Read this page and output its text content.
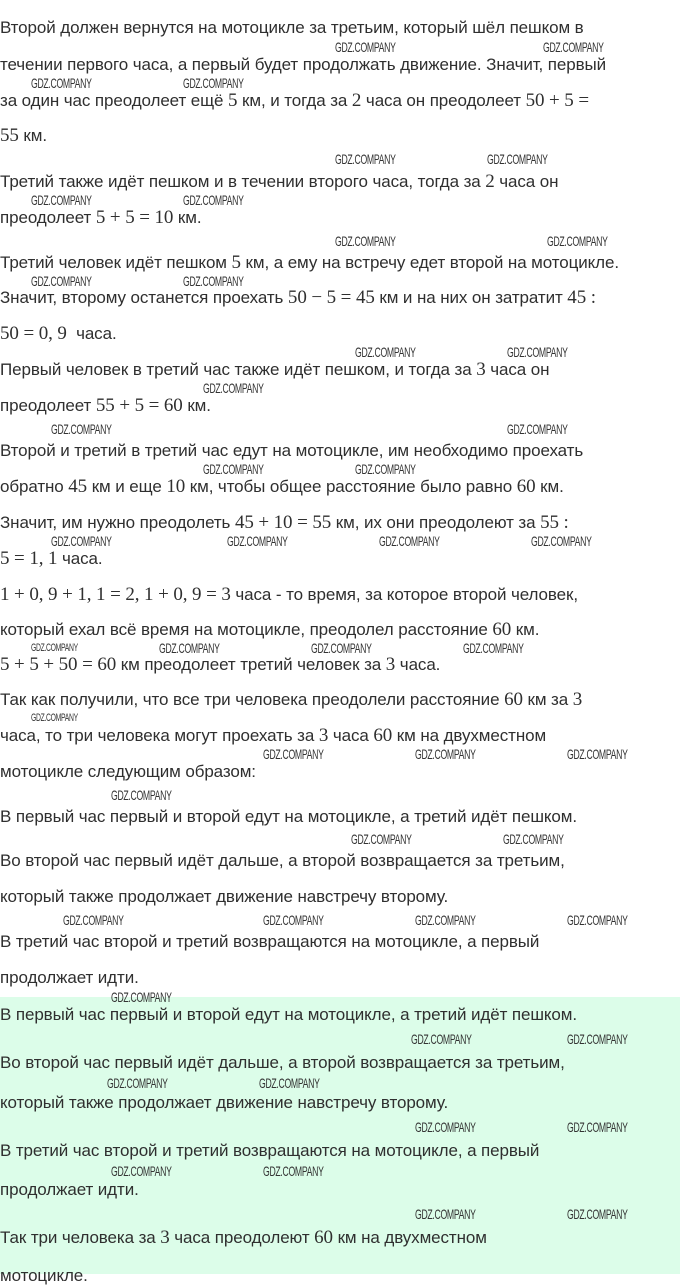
Второй должен вернутся на мотоцикле за третьим, который шёл пешком в
течении первого часа, а первый будет продолжать движение. Значит, первый
за один час преодолеет ещё 5 км, и тогда за 2 часа он преодолеет 50 + 5 =
55 км.
Третий также идёт пешком и в течении второго часа, тогда за 2 часа он
преодолеет 5 + 5 = 10 км.
Третий человек идёт пешком 5 км, а ему на встречу едет второй на мотоцикле.
Значит, второму останется проехать 50 − 5 = 45 км и на них он затратит 45 :
50 = 0, 9  часа.
Первый человек в третий час также идёт пешком, и тогда за 3 часа он
преодолеет 55 + 5 = 60 км.
Второй и третий в третий час едут на мотоцикле, им необходимо проехать
обратно 45 км и еще 10 км, чтобы общее расстояние было равно 60 км.
Значит, им нужно преодолеть 45 + 10 = 55 км, их они преодолеют за 55 :
5 = 1, 1 часа.
1 + 0, 9 + 1, 1 = 2, 1 + 0, 9 = 3 часа - то время, за которое второй человек,
который ехал всё время на мотоцикле, преодолел расстояние 60 км.
5 + 5 + 50 = 60 км преодолеет третий человек за 3 часа.
Так как получили, что все три человека преодолели расстояние 60 км за 3
часа, то три человека могут проехать за 3 часа 60 км на двухместном
мотоцикле следующим образом:
В первый час первый и второй едут на мотоцикле, а третий идёт пешком.
Во второй час первый идёт дальше, а второй возвращается за третьим,
который также продолжает движение навстречу второму.
В третий час второй и третий возвращаются на мотоцикле, а первый
продолжает идти.
В первый час первый и второй едут на мотоцикле, а третий идёт пешком.
Во второй час первый идёт дальше, а второй возвращается за третьим,
который также продолжает движение навстречу второму.
В третий час второй и третий возвращаются на мотоцикле, а первый
продолжает идти.
Так три человека за 3 часа преодолеют 60 км на двухместном
мотоцикле.
GDZ.COMPANY	GDZ.COMPANY
GDZ.COMPANY	GDZ.COMPANY
GDZ.COMPANY	GDZ.COMPANY
GDZ.COMPANY	GDZ.COMPANY
GDZ.COMPANY	GDZ.COMPANY
GDZ.COMPANY	GDZ.COMPANY
GDZ.COMPANY
GDZ.COMPANY
GDZ.COMPANY
GDZ.COMPANY
GDZ.COMPANY
GDZ.COMPANY	GDZ.COMPANY
GDZ.COMPANY
GDZ.COMPANY	GDZ.COMPANY	GDZ.COMPANY
GDZ.COMPANY
GDZ.COMPANY	GDZ.COMPANY	GDZ.COMPANY
GDZ.COMPANY
GDZ.COMPANY	GDZ.COMPANY	GDZ.COMPANY
GDZ.COMPANY
GDZ.COMPANY	GDZ.COMPANY
GDZ.COMPANY	GDZ.COMPANY	GDZ.COMPANY	GDZ.COMPANY
GDZ.COMPANY
GDZ.COMPANY	GDZ.COMPANY
GDZ.COMPANY	GDZ.COMPANY
GDZ.COMPANY	GDZ.COMPANY
GDZ.COMPANY	GDZ.COMPANY
GDZ.COMPANY	GDZ.COMPANY
